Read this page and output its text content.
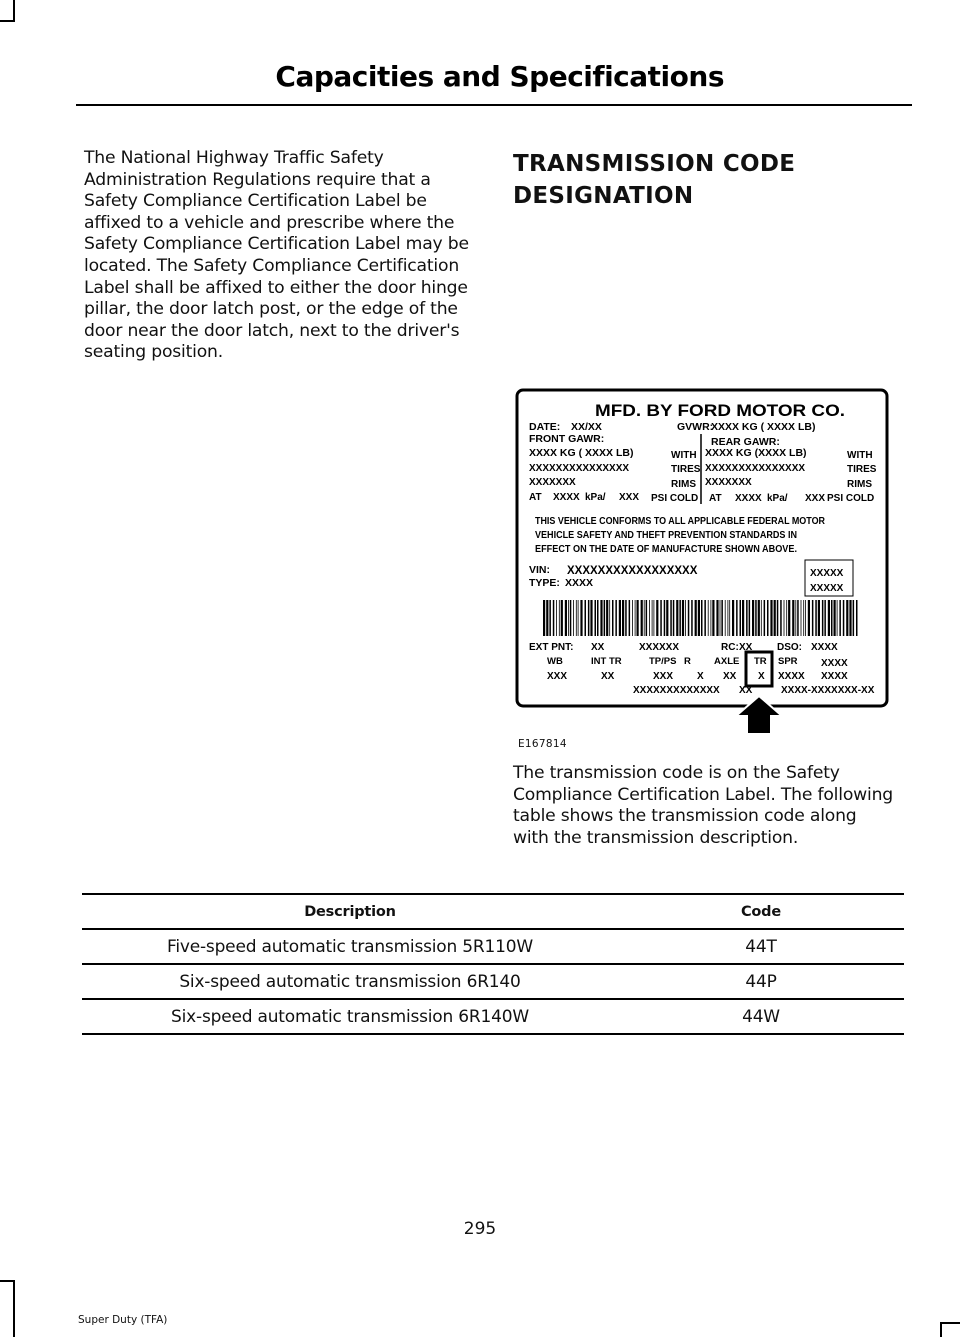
Capacities and Specifications

The National Highway Traffic Safety Administration Regulations require that a Safety Compliance Certification Label be affixed to a vehicle and prescribe where the Safety Compliance Certification Label may be located. The Safety Compliance Certification Label shall be affixed to either the door hinge pillar, the door latch post, or the edge of the door near the door latch, next to the driver's seating position.

TRANSMISSION CODE
DESIGNATION
MFD. BY FORD MOTOR CO.
DATE: XX/XX	GVWR:
XXXX KG ( XXXX LB)
FRONT GAWR:	REAR GAWR:
XXXX KG ( XXXX LB)	XXXX KG (XXXX LB)
WITH	WITH
XXXXXXXXXXXXXXX	XXXXXXXXXXXXXXX
TIRES	TIRES
XXXXXXX	XXXXXXX
RIMS	RIMS
AT XXXX kPa/ XXX PSI COLD AT XXXX kPa/ XXX PSI COLD
THIS VEHICLE CONFORMS TO ALL APPLICABLE FEDERAL MOTOR
VEHICLE SAFETY AND THEFT PREVENTION STANDARDS IN
EFFECT ON THE DATE OF MANUFACTURE SHOWN ABOVE.
VIN: XXXXXXXXXXXXXXXXX
TYPE: XXXX
XXXXX
XXXXX
EXT PNT: XX	XXXXXX	RC: XX DSO: XXXX
WB	INT TR	TP/PS R AXLE TR SPR
XXX	XX	XXX X XX X XXXX
XXXX
XXXX
XXXXXXXXXXXXX XX	XXXX-XXXXXXX-XX
E167814

The transmission code is on the Safety Compliance Certification Label. The following table shows the transmission code along with the transmission description.

Description	Code
Five-speed automatic transmission 5R110W	44T
Six-speed automatic transmission 6R140	44P
Six-speed automatic transmission 6R140W	44W
295
Super Duty (TFA)
